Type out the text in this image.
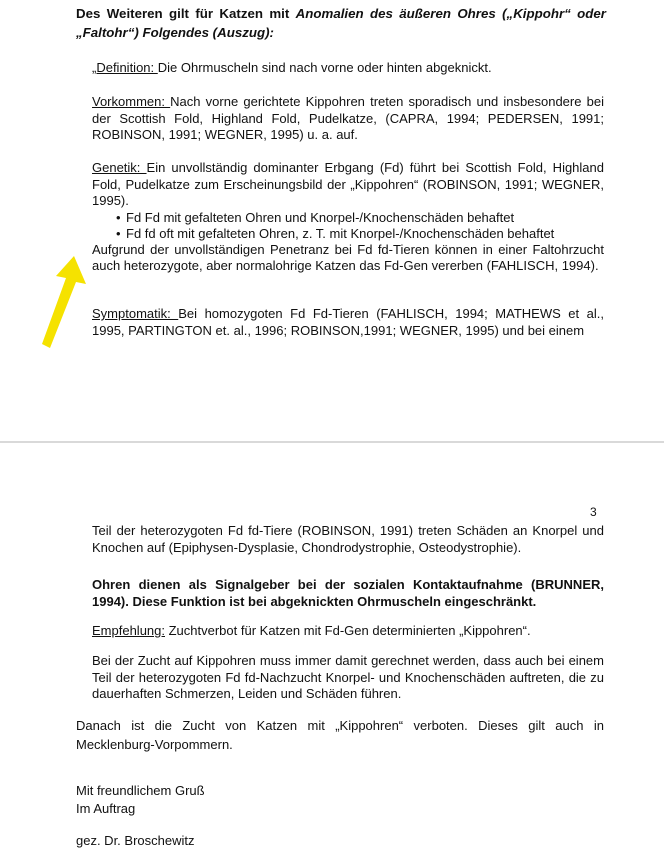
Des Weiteren gilt für Katzen mit Anomalien des äußeren Ohres („Kippohr“ oder „Faltohr“) Folgendes (Auszug):
„Definition: Die Ohrmuscheln sind nach vorne oder hinten abgeknickt.
Vorkommen: Nach vorne gerichtete Kippohren treten sporadisch und insbesondere bei der Scottish Fold, Highland Fold, Pudelkatze, (CAPRA, 1994; PEDERSEN, 1991; ROBINSON, 1991; WEGNER, 1995) u. a. auf.
Genetik: Ein unvollständig dominanter Erbgang (Fd) führt bei Scottish Fold, Highland Fold, Pudelkatze zum Erscheinungsbild der „Kippohren“ (ROBINSON, 1991; WEGNER, 1995).
• Fd Fd mit gefalteten Ohren und Knorpel-/Knochenschäden behaftet
• Fd fd oft mit gefalteten Ohren, z. T. mit Knorpel-/Knochenschäden behaftet
Aufgrund der unvollständigen Penetranz bei Fd fd-Tieren können in einer Faltohrzucht auch heterozygote, aber normalohrige Katzen das Fd-Gen vererben (FAHLISCH, 1994).
Symptomatik: Bei homozygoten Fd Fd-Tieren (FAHLISCH, 1994; MATHEWS et al., 1995, PARTINGTON et. al., 1996; ROBINSON,1991; WEGNER, 1995) und bei einem
3
Teil der heterozygoten Fd fd-Tiere (ROBINSON, 1991) treten Schäden an Knorpel und Knochen auf (Epiphysen-Dysplasie, Chondrodystrophie, Osteodystrophie).
Ohren dienen als Signalgeber bei der sozialen Kontaktaufnahme (BRUNNER, 1994). Diese Funktion ist bei abgeknickten Ohrmuscheln eingeschränkt.
Empfehlung: Zuchtverbot für Katzen mit Fd-Gen determinierten „Kippohren“.
Bei der Zucht auf Kippohren muss immer damit gerechnet werden, dass auch bei einem Teil der heterozygoten Fd fd-Nachzucht Knorpel- und Knochenschäden auftreten, die zu dauerhaften Schmerzen, Leiden und Schäden führen.
Danach ist die Zucht von Katzen mit „Kippohren“ verboten. Dieses gilt auch in Mecklenburg-Vorpommern.
Mit freundlichem Gruß
Im Auftrag
gez. Dr. Broschewitz
